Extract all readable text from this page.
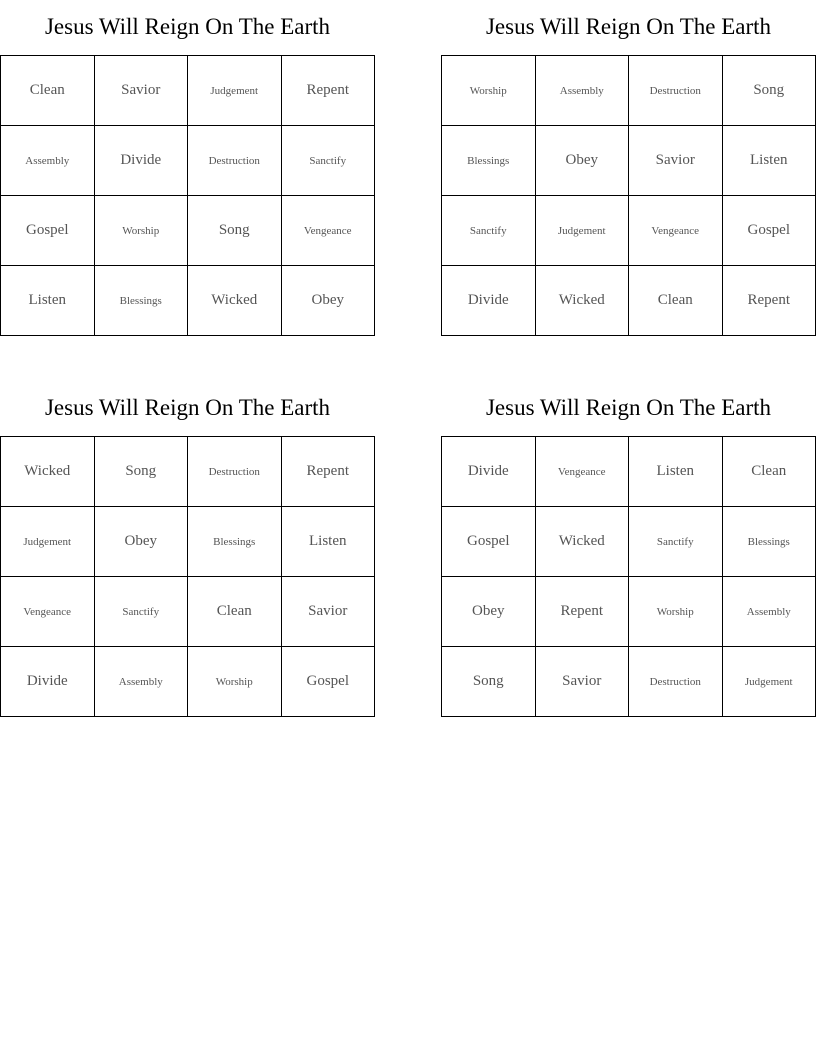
Jesus Will Reign On The Earth
Clean	Savior	Judgement	Repent
Assembly	Divide	Destruction	Sanctify
Gospel	Worship	Song	Vengeance
Listen	Blessings	Wicked	Obey
Jesus Will Reign On The Earth
Worship	Assembly	Destruction	Song
Blessings	Obey	Savior	Listen
Sanctify	Judgement	Vengeance	Gospel
Divide	Wicked	Clean	Repent
Jesus Will Reign On The Earth
Wicked	Song	Destruction	Repent
Judgement	Obey	Blessings	Listen
Vengeance	Sanctify	Clean	Savior
Divide	Assembly	Worship	Gospel
Jesus Will Reign On The Earth
Divide	Vengeance	Listen	Clean
Gospel	Wicked	Sanctify	Blessings
Obey	Repent	Worship	Assembly
Song	Savior	Destruction	Judgement
